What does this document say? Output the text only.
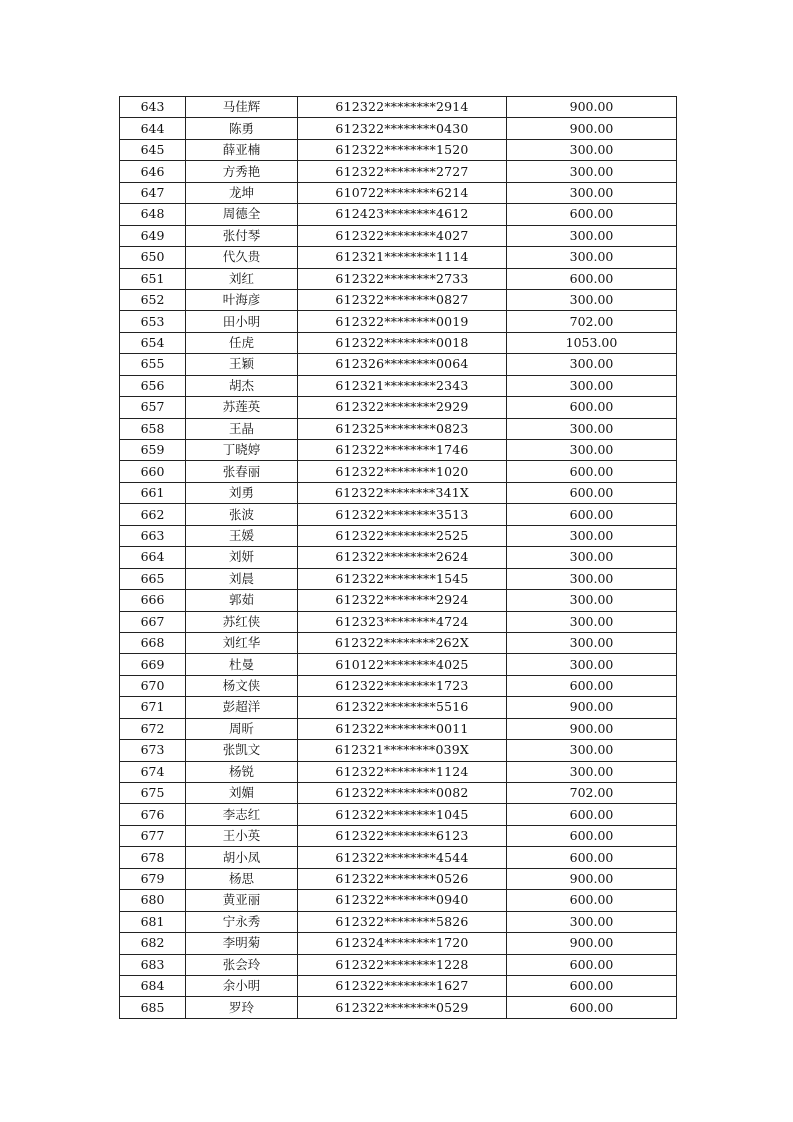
643	马佳辉	612322********2914	900.00
644	陈勇	612322********0430	900.00
645	薛亚楠	612322********1520	300.00
646	方秀艳	612322********2727	300.00
647	龙坤	610722********6214	300.00
648	周德全	612423********4612	600.00
649	张付琴	612322********4027	300.00
650	代久贵	612321********1114	300.00
651	刘红	612322********2733	600.00
652	叶海彦	612322********0827	300.00
653	田小明	612322********0019	702.00
654	任虎	612322********0018	1053.00
655	王颖	612326********0064	300.00
656	胡杰	612321********2343	300.00
657	苏莲英	612322********2929	600.00
658	王晶	612325********0823	300.00
659	丁晓婷	612322********1746	300.00
660	张春丽	612322********1020	600.00
661	刘勇	612322********341X	600.00
662	张波	612322********3513	600.00
663	王媛	612322********2525	300.00
664	刘妍	612322********2624	300.00
665	刘晨	612322********1545	300.00
666	郭茹	612322********2924	300.00
667	苏红侠	612323********4724	300.00
668	刘红华	612322********262X	300.00
669	杜曼	610122********4025	300.00
670	杨文侠	612322********1723	600.00
671	彭超洋	612322********5516	900.00
672	周昕	612322********0011	900.00
673	张凯文	612321********039X	300.00
674	杨锐	612322********1124	300.00
675	刘媚	612322********0082	702.00
676	李志红	612322********1045	600.00
677	王小英	612322********6123	600.00
678	胡小凤	612322********4544	600.00
679	杨思	612322********0526	900.00
680	黄亚丽	612322********0940	600.00
681	宁永秀	612322********5826	300.00
682	李明菊	612324********1720	900.00
683	张会玲	612322********1228	600.00
684	余小明	612322********1627	600.00
685	罗玲	612322********0529	600.00
